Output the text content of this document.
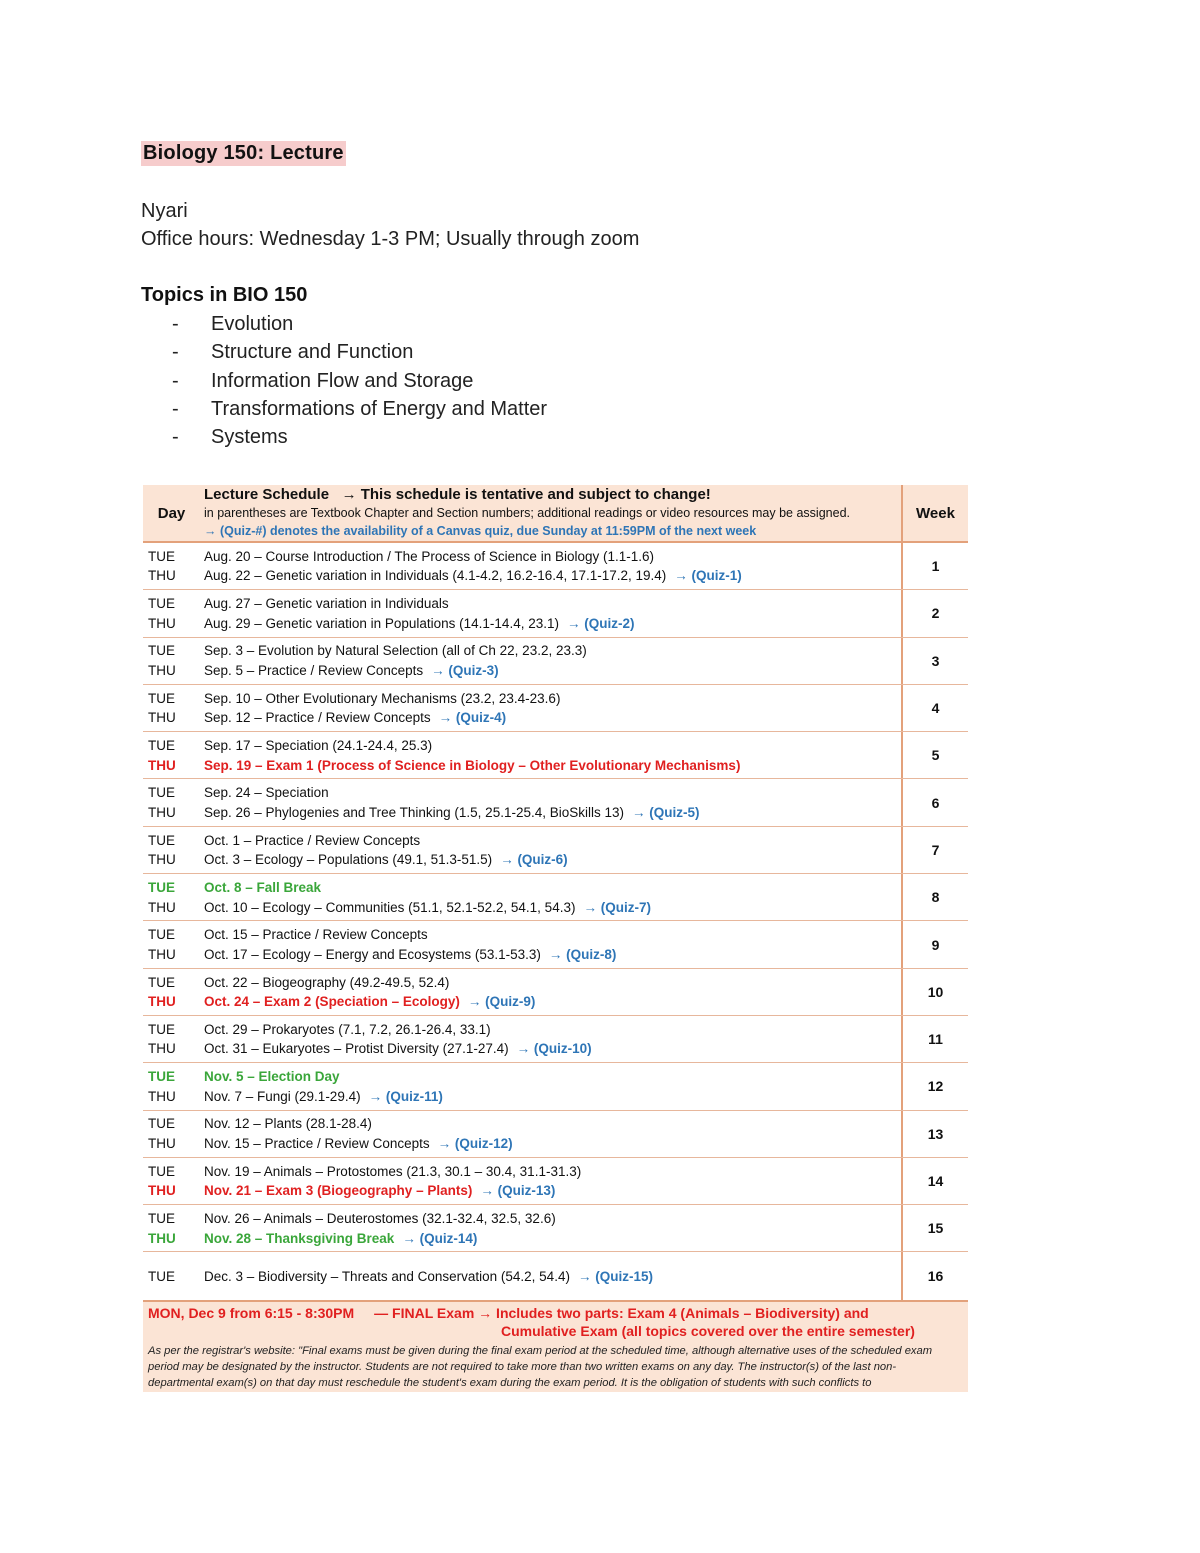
Biology 150: Lecture
Nyari
Office hours: Wednesday 1-3 PM; Usually through zoom
Topics in BIO 150
-	Evolution
-	Structure and Function
-	Information Flow and Storage
-	Transformations of Energy and Matter
-	Systems
Day
Lecture Schedule → This schedule is tentative and subject to change!
in parentheses are Textbook Chapter and Section numbers; additional readings or video resources may be assigned.
→ (Quiz-#) denotes the availability of a Canvas quiz, due Sunday at 11:59PM of the next week
Week
TUE	Aug. 20 – Course Introduction / The Process of Science in Biology (1.1-1.6)
THU	Aug. 22 – Genetic variation in Individuals (4.1-4.2, 16.2-16.4, 17.1-17.2, 19.4) → (Quiz-1)
1
TUE	Aug. 27 – Genetic variation in Individuals
THU	Aug. 29 – Genetic variation in Populations (14.1-14.4, 23.1) → (Quiz-2)
2
TUE	Sep. 3 – Evolution by Natural Selection (all of Ch 22, 23.2, 23.3)
THU	Sep. 5 – Practice / Review Concepts → (Quiz-3)
3
TUE	Sep. 10 – Other Evolutionary Mechanisms (23.2, 23.4-23.6)
THU	Sep. 12 – Practice / Review Concepts → (Quiz-4)
4
TUE	Sep. 17 – Speciation (24.1-24.4, 25.3)
THU	Sep. 19 – Exam 1 (Process of Science in Biology – Other Evolutionary Mechanisms)
5
TUE	Sep. 24 – Speciation
THU	Sep. 26 – Phylogenies and Tree Thinking (1.5, 25.1-25.4, BioSkills 13) → (Quiz-5)
6
TUE	Oct. 1 – Practice / Review Concepts
THU	Oct. 3 – Ecology – Populations (49.1, 51.3-51.5) → (Quiz-6)
7
TUE	Oct. 8 – Fall Break
THU	Oct. 10 – Ecology – Communities (51.1, 52.1-52.2, 54.1, 54.3) → (Quiz-7)
8
TUE	Oct. 15 – Practice / Review Concepts
THU	Oct. 17 – Ecology – Energy and Ecosystems (53.1-53.3) → (Quiz-8)
9
TUE	Oct. 22 – Biogeography (49.2-49.5, 52.4)
THU	Oct. 24 – Exam 2 (Speciation – Ecology) → (Quiz-9)
10
TUE	Oct. 29 – Prokaryotes (7.1, 7.2, 26.1-26.4, 33.1)
THU	Oct. 31 – Eukaryotes – Protist Diversity (27.1-27.4) → (Quiz-10)
11
TUE	Nov. 5 – Election Day
THU	Nov. 7 – Fungi (29.1-29.4) → (Quiz-11)
12
TUE	Nov. 12 – Plants (28.1-28.4)
THU	Nov. 15 – Practice / Review Concepts → (Quiz-12)
13
TUE	Nov. 19 – Animals – Protostomes (21.3, 30.1 – 30.4, 31.1-31.3)
THU	Nov. 21 – Exam 3 (Biogeography – Plants) → (Quiz-13)
14
TUE	Nov. 26 – Animals – Deuterostomes (32.1-32.4, 32.5, 32.6)
THU	Nov. 28 – Thanksgiving Break → (Quiz-14)
15
TUE	Dec. 3 – Biodiversity – Threats and Conservation (54.2, 54.4) → (Quiz-15)	16
MON, Dec 9 from 6:15 - 8:30PM — FINAL Exam → Includes two parts: Exam 4 (Animals – Biodiversity) and
Cumulative Exam (all topics covered over the entire semester)
As per the registrar's website: "Final exams must be given during the final exam period at the scheduled time, although alternative uses of the scheduled exam period may be designated by the instructor. Students are not required to take more than two written exams on any day. The instructor(s) of the last non-departmental exam(s) on that day must reschedule the student's exam during the exam period. It is the obligation of students with such conflicts to
